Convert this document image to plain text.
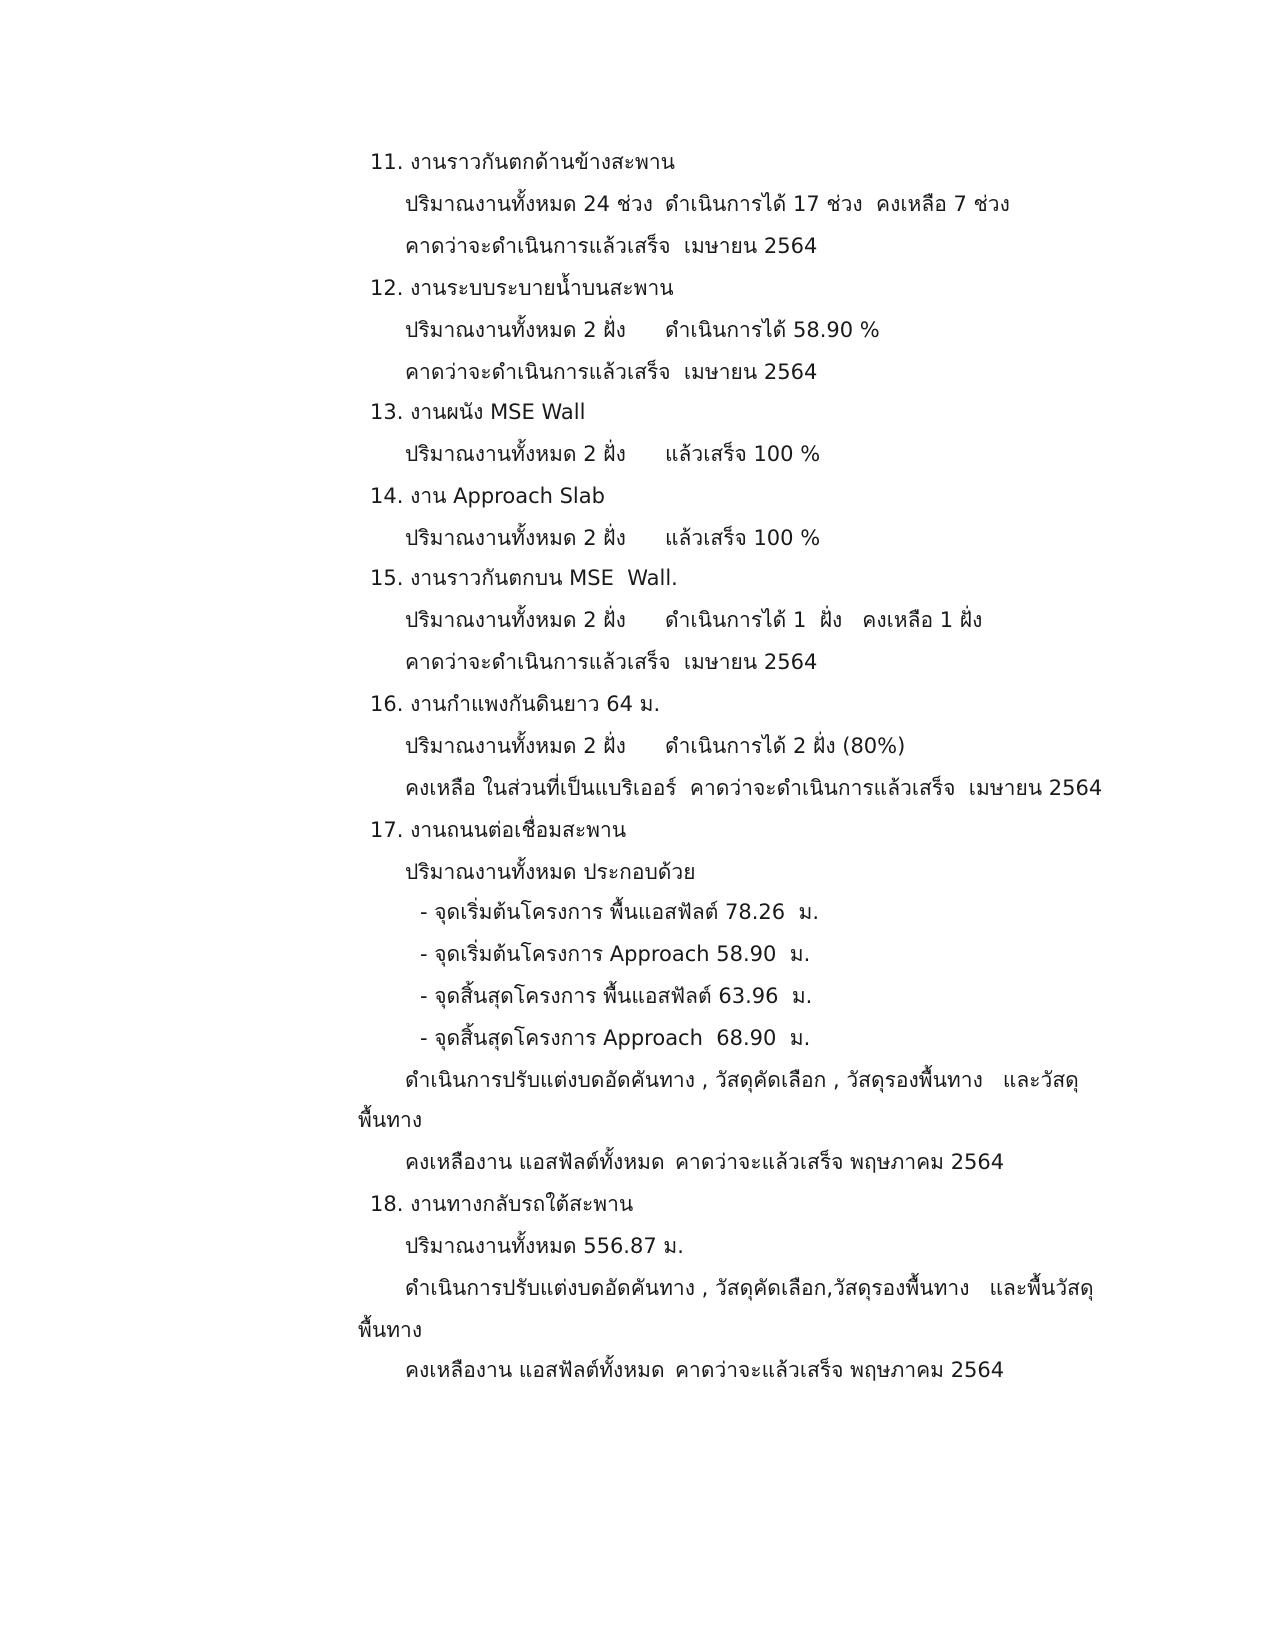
11. งานราวกันตกด้านข้างสะพาน
ปริมาณงานทั้งหมด 24 ช่วง ดำเนินการได้ 17 ช่วง  คงเหลือ 7 ช่วง
คาดว่าจะดำเนินการแล้วเสร็จ  เมษายน 2564
12. งานระบบระบายน้ำบนสะพาน
ปริมาณงานทั้งหมด 2 ฝั่ง ดำเนินการได้ 58.90 %
คาดว่าจะดำเนินการแล้วเสร็จ  เมษายน 2564
13. งานผนัง MSE Wall
ปริมาณงานทั้งหมด 2 ฝั่ง แล้วเสร็จ 100 %
14. งาน Approach Slab
ปริมาณงานทั้งหมด 2 ฝั่ง แล้วเสร็จ 100 %
15. งานราวกันตกบน MSE  Wall.
ปริมาณงานทั้งหมด 2 ฝั่ง ดำเนินการได้ 1  ฝั่ง   คงเหลือ 1 ฝั่ง
คาดว่าจะดำเนินการแล้วเสร็จ  เมษายน 2564
16. งานกำแพงกันดินยาว 64 ม.
ปริมาณงานทั้งหมด 2 ฝั่ง ดำเนินการได้ 2 ฝั่ง (80%)
คงเหลือ ในส่วนที่เป็นแบริเออร์  คาดว่าจะดำเนินการแล้วเสร็จ  เมษายน 2564
17. งานถนนต่อเชื่อมสะพาน
ปริมาณงานทั้งหมด ประกอบด้วย
- จุดเริ่มต้นโครงการ พื้นแอสฟัลต์ 78.26  ม.
- จุดเริ่มต้นโครงการ Approach 58.90  ม.
- จุดสิ้นสุดโครงการ พื้นแอสฟัลต์ 63.96  ม.
- จุดสิ้นสุดโครงการ Approach  68.90  ม.
ดำเนินการปรับแต่งบดอัดคันทาง , วัสดุคัดเลือก , วัสดุรองพื้นทาง   และวัสดุ
พื้นทาง
คงเหลืองาน แอสฟัลต์ทั้งหมด คาดว่าจะแล้วเสร็จ พฤษภาคม 2564
18. งานทางกลับรถใต้สะพาน
ปริมาณงานทั้งหมด 556.87 ม.
ดำเนินการปรับแต่งบดอัดคันทาง , วัสดุคัดเลือก,วัสดุรองพื้นทาง   และพื้นวัสดุ
พื้นทาง
คงเหลืองาน แอสฟัลต์ทั้งหมด คาดว่าจะแล้วเสร็จ พฤษภาคม 2564
